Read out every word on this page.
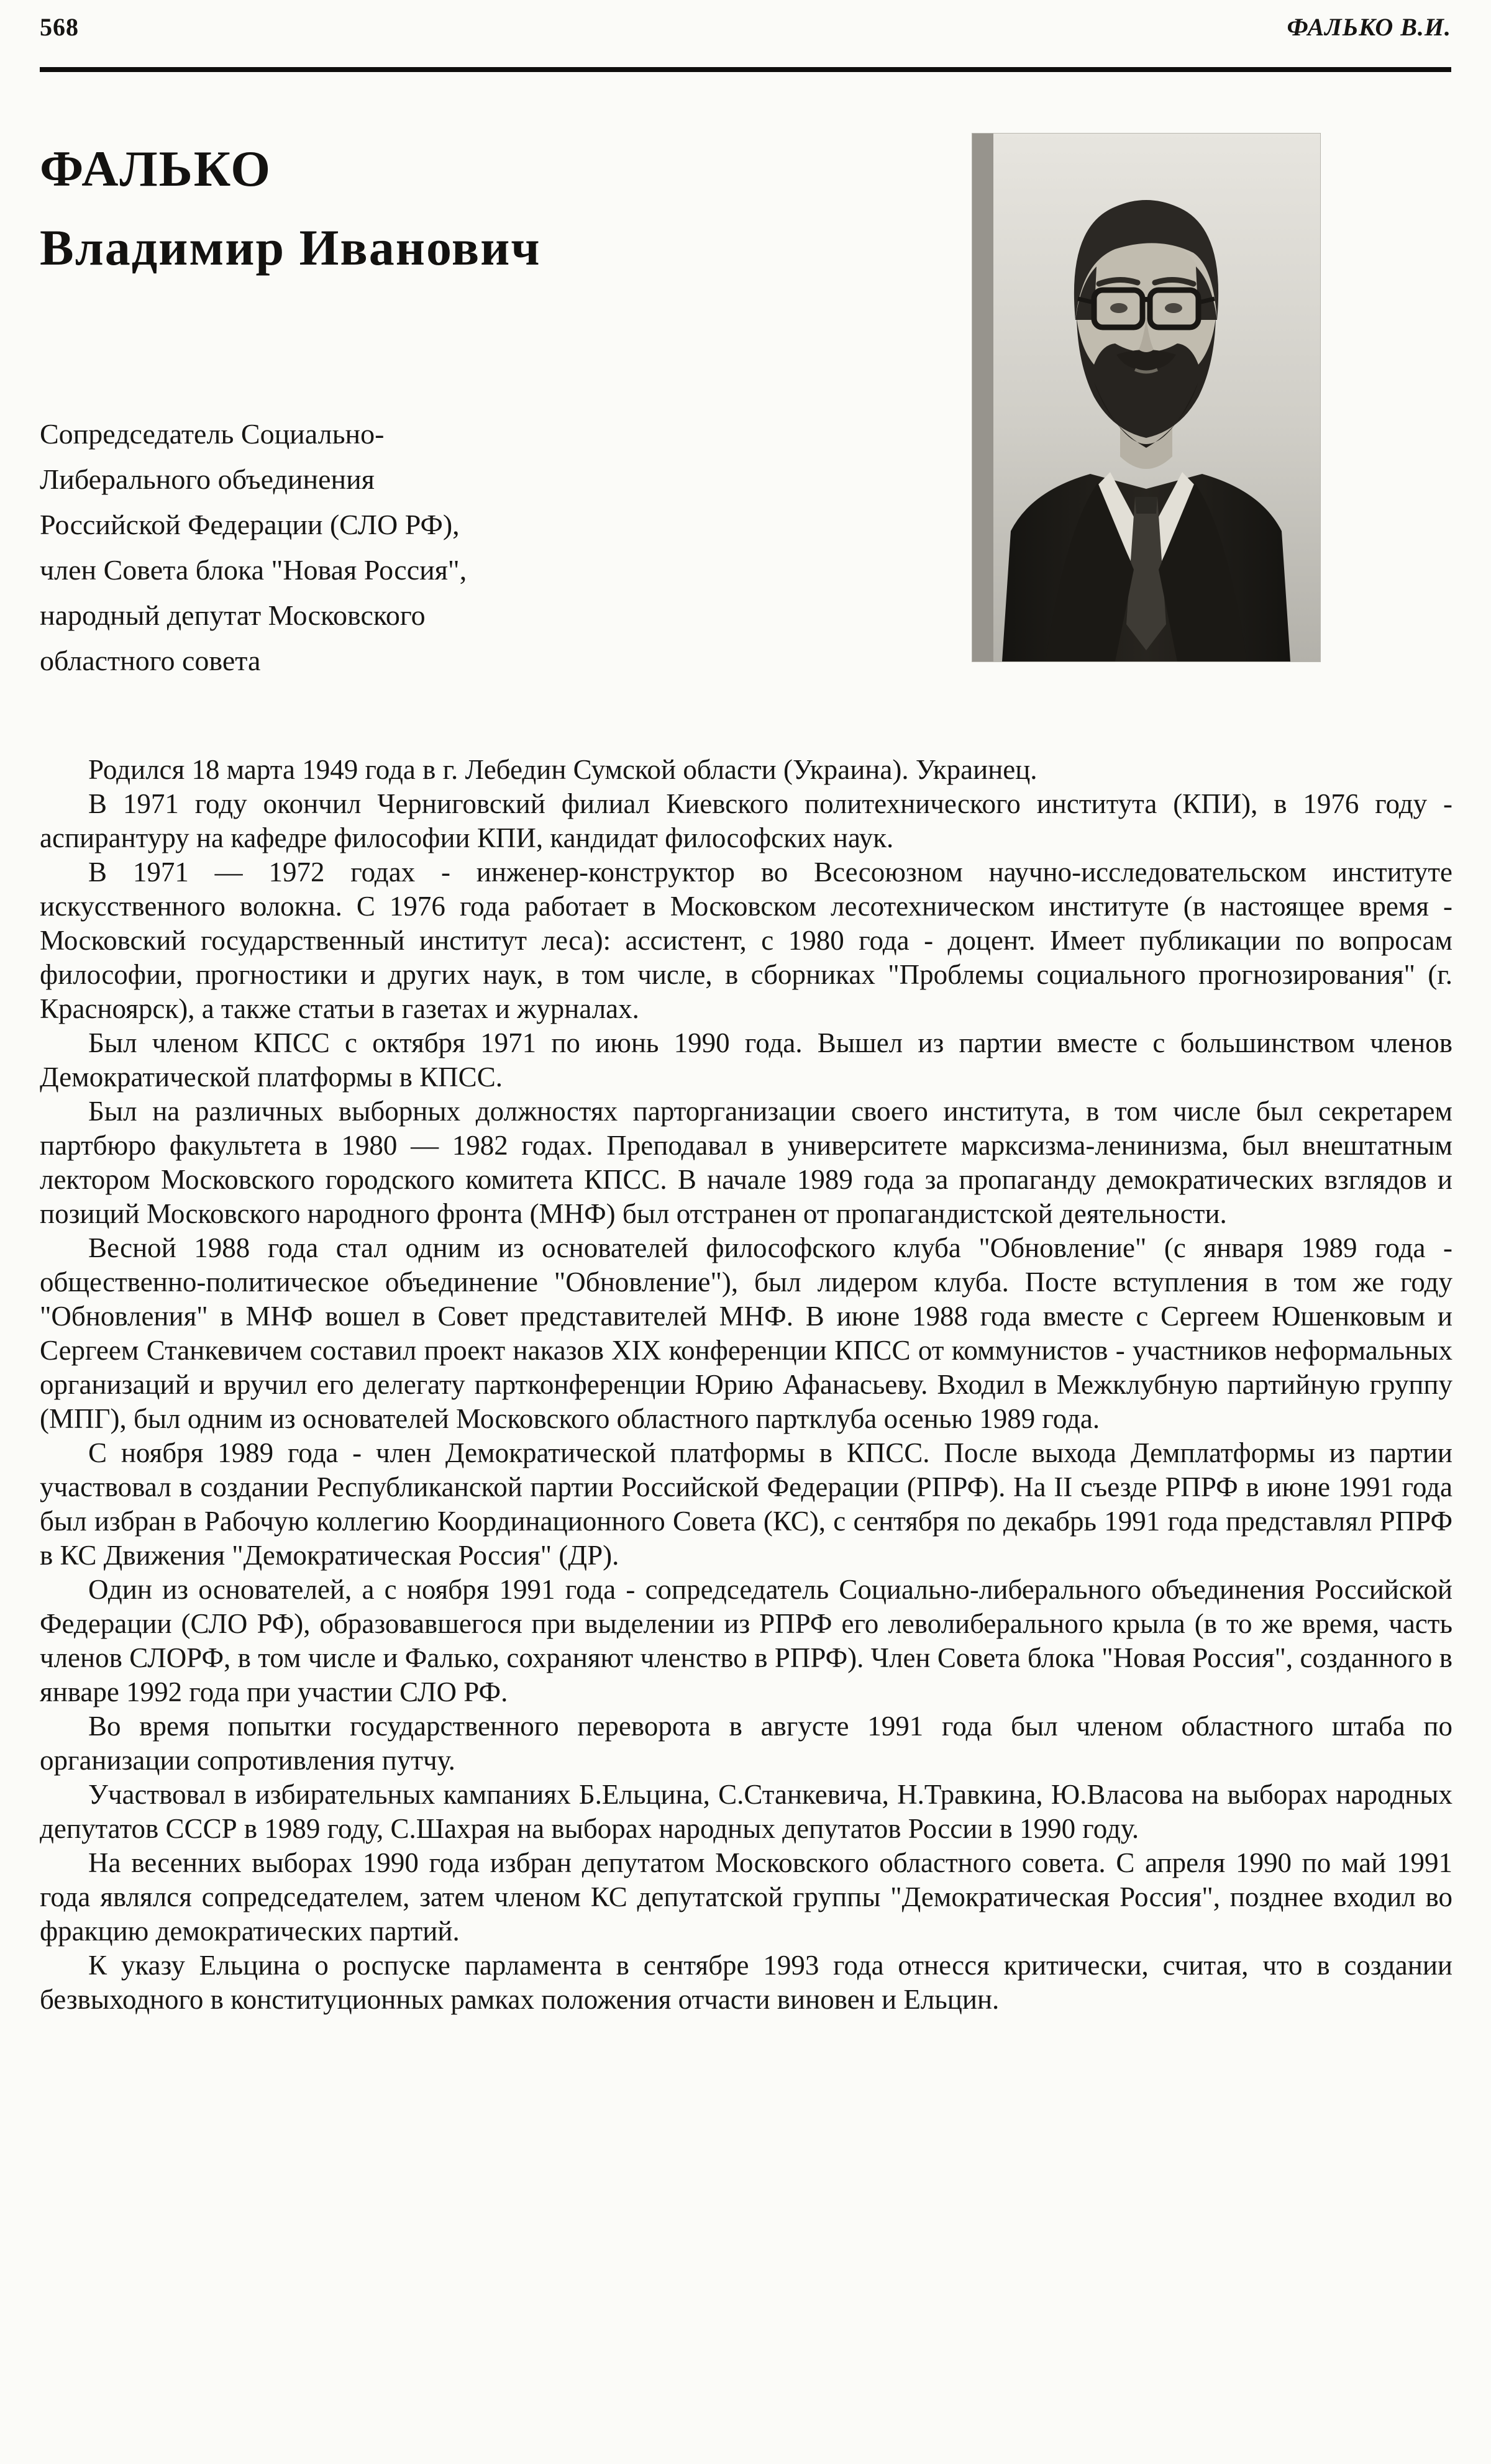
568	ФАЛЬКО В.И.
ФАЛЬКО
Владимир Иванович
Сопредседатель Социально-
Либерального объединения
Российской Федерации (СЛО РФ),
член Совета блока "Новая Россия",
народный депутат Московского
областного совета

Родился 18 марта 1949 года в г. Лебедин Сумской области (Украина). Украинец.

В 1971 году окончил Черниговский филиал Киевского политехнического института (КПИ), в 1976 году - аспирантуру на кафедре философии КПИ, кандидат философских наук.

В 1971 — 1972 годах - инженер-конструктор во Всесоюзном научно-исследовательском институте искусственного волокна. С 1976 года работает в Московском лесотехническом институте (в настоящее время - Московский государственный институт леса): ассистент, с 1980 года - доцент. Имеет публикации по вопросам философии, прогностики и других наук, в том числе, в сборниках "Проблемы социального прогнозирования" (г. Красноярск), а также статьи в газетах и журналах.

Был членом КПСС с октября 1971 по июнь 1990 года. Вышел из партии вместе с большинством членов Демократической платформы в КПСС.

Был на различных выборных должностях парторганизации своего института, в том числе был секретарем партбюро факультета в 1980 — 1982 годах. Преподавал в университете марксизма-ленинизма, был внештатным лектором Московского городского комитета КПСС. В начале 1989 года за пропаганду демократических взглядов и позиций Московского народного фронта (МНФ) был отстранен от пропагандистской деятельности.

Весной 1988 года стал одним из основателей философского клуба "Обновление" (с января 1989 года - общественно-политическое объединение "Обновление"), был лидером клуба. Посте вступления в том же году "Обновления" в МНФ вошел в Совет представителей МНФ. В июне 1988 года вместе с Сергеем Юшенковым и Сергеем Станкевичем составил проект наказов XIX конференции КПСС от коммунистов - участников неформальных организаций и вручил его делегату партконференции Юрию Афанасьеву. Входил в Межклубную партийную группу (МПГ), был одним из основателей Московского областного партклуба осенью 1989 года.

С ноября 1989 года - член Демократической платформы в КПСС. После выхода Демплатформы из партии участвовал в создании Республиканской партии Российской Федерации (РПРФ). На II съезде РПРФ в июне 1991 года был избран в Рабочую коллегию Координационного Совета (КС), с сентября по декабрь 1991 года представлял РПРФ в КС Движения "Демократическая Россия" (ДР).

Один из основателей, а с ноября 1991 года - сопредседатель Социально-либерального объединения Российской Федерации (СЛО РФ), образовавшегося при выделении из РПРФ его леволиберального крыла (в то же время, часть членов СЛОРФ, в том числе и Фалько, сохраняют членство в РПРФ). Член Совета блока "Новая Россия", созданного в январе 1992 года при участии СЛО РФ.

Во время попытки государственного переворота в августе 1991 года был членом областного штаба по организации сопротивления путчу.

Участвовал в избирательных кампаниях Б.Ельцина, С.Станкевича, Н.Травкина, Ю.Власова на выборах народных депутатов СССР в 1989 году, С.Шахрая на выборах народных депутатов России в 1990 году.

На весенних выборах 1990 года избран депутатом Московского областного совета. С апреля 1990 по май 1991 года являлся сопредседателем, затем членом КС депутатской группы "Демократическая Россия", позднее входил во фракцию демократических партий.

К указу Ельцина о роспуске парламента в сентябре 1993 года отнесся критически, считая, что в создании безвыходного в конституционных рамках положения отчасти виновен и Ельцин.
